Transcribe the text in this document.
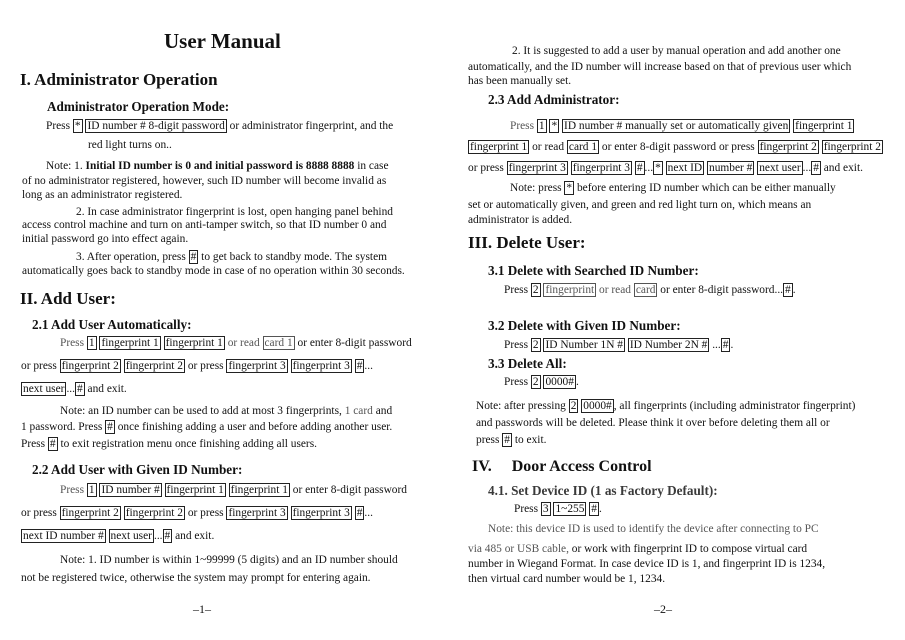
User Manual
I. Administrator Operation
Administrator Operation Mode:
Press * ID number # 8-digit password or administrator fingerprint, and the
red light turns on..
Note: 1. Initial ID number is 0 and initial password is 8888 8888 in case
of no administrator registered, however, such ID number will become invalid as
long as an administrator registered.
2. In case administrator fingerprint is lost, open hanging panel behind
access control machine and turn on anti-tamper switch, so that ID number 0 and
initial password go into effect again.
3. After operation, press # to get back to standby mode. The system
automatically goes back to standby mode in case of no operation within 30 seconds.
II. Add User:
2.1 Add User Automatically:
Press 1 fingerprint 1 fingerprint 1 or read card 1 or enter 8-digit password
or press fingerprint 2 fingerprint 2 or press fingerprint 3 fingerprint 3 # ...
next user ... # and exit.
Note: an ID number can be used to add at most 3 fingerprints, 1 card and
1 password. Press # once finishing adding a user and before adding another user.
Press # to exit registration menu once finishing adding all users.
2.2 Add User with Given ID Number:
Press 1 ID number # fingerprint 1 fingerprint 1 or enter 8-digit password
or press fingerprint 2 fingerprint 2 or press fingerprint 3 fingerprint 3 # ...
next ID number # next user ... # and exit.
Note: 1. ID number is within 1~99999 (5 digits) and an ID number should
not be registered twice, otherwise the system may prompt for entering again.
–1–
2. It is suggested to add a user by manual operation and add another one
automatically, and the ID number will increase based on that of previous user which
has been manually set.
2.3 Add Administrator:
Press 1 * ID number # manually set or automatically given fingerprint 1
fingerprint 1 or read card 1 or enter 8-digit password or press fingerprint 2 fingerprint 2
or press fingerprint 3 fingerprint 3 # ... * next ID number # next user ... # and exit.
Note: press * before entering ID number which can be either manually
set or automatically given, and green and red light turn on, which means an
administrator is added.
III. Delete User:
3.1 Delete with Searched ID Number:
Press 2 fingerprint or read card or enter 8-digit password... # .
3.2 Delete with Given ID Number:
Press 2 ID Number 1N # ID Number 2N # ... # .
3.3 Delete All:
Press 2 0000# .
Note: after pressing 2 0000# , all fingerprints (including administrator fingerprint)
and passwords will be deleted. Please think it over before deleting them all or
press # to exit.
IV. Door Access Control
4.1. Set Device ID (1 as Factory Default):
Press 3 1~255 # .
Note: this device ID is used to identify the device after connecting to PC
via 485 or USB cable, or work with fingerprint ID to compose virtual card
number in Wiegand Format. In case device ID is 1, and fingerprint ID is 1234,
then virtual card number would be 1, 1234.
–2–
